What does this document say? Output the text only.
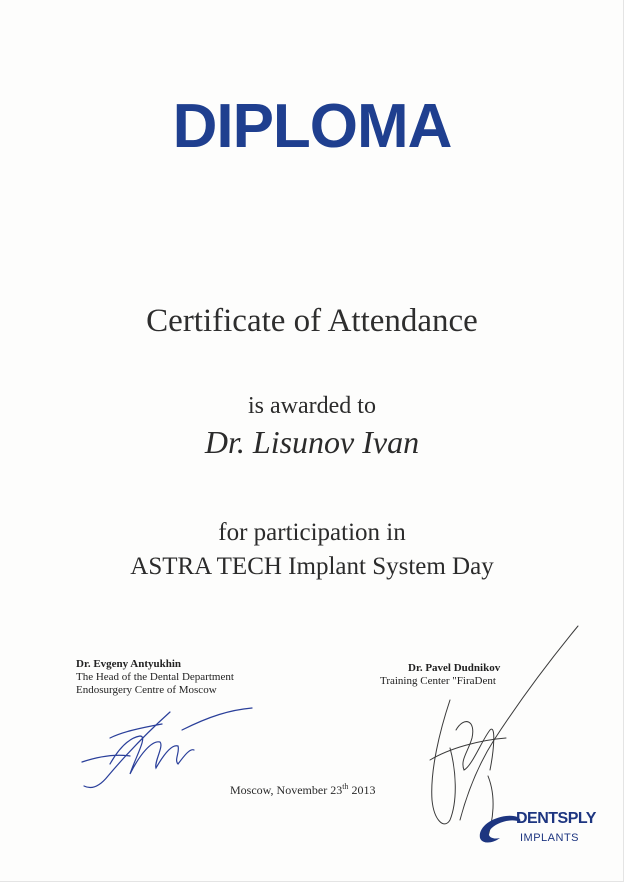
DIPLOMA
Certificate of Attendance
is awarded to
Dr. Lisunov Ivan
for participation in
ASTRA TECH Implant System Day
Dr. Evgeny Antyukhin
The Head of the Dental Department
Endosurgery Centre of Moscow
Dr. Pavel Dudnikov
Training Center "FiraDent
Moscow, November 23th 2013
DENTSPLY
IMPLANTS
